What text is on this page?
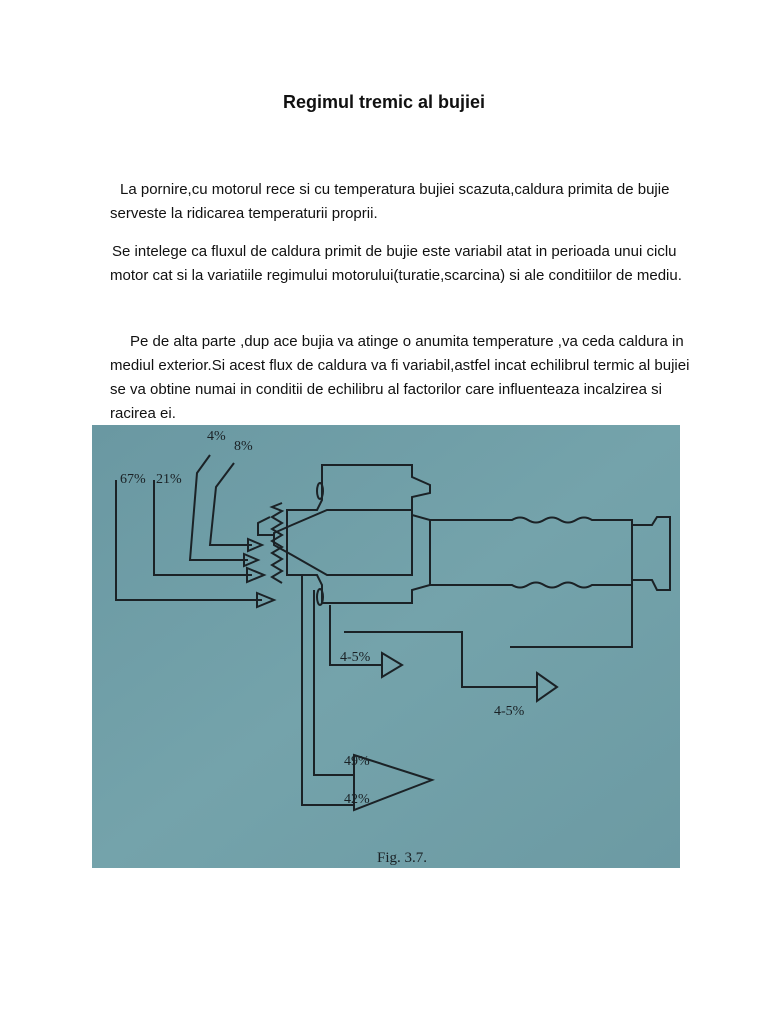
Regimul tremic al bujiei

La pornire,cu motorul rece si cu temperatura bujiei scazuta,caldura primita de bujie serveste la ridicarea temperaturii proprii.

Se intelege ca fluxul de caldura primit de bujie este variabil atat in perioada unui ciclu motor cat si la variatiile regimului motorului(turatie,scarcina) si ale conditiilor de mediu.

Pe de alta parte ,dup ace bujia va atinge o anumita temperature ,va ceda caldura in mediul exterior.Si acest flux de caldura va fi variabil,astfel incat echilibrul termic al bujiei se va obtine numai in conditii de echilibru al factorilor care influenteaza incalzirea si racirea ei.

67% 21%
4%
8%
4-5%
4-5%
49%
42%
Fig. 3.7.
